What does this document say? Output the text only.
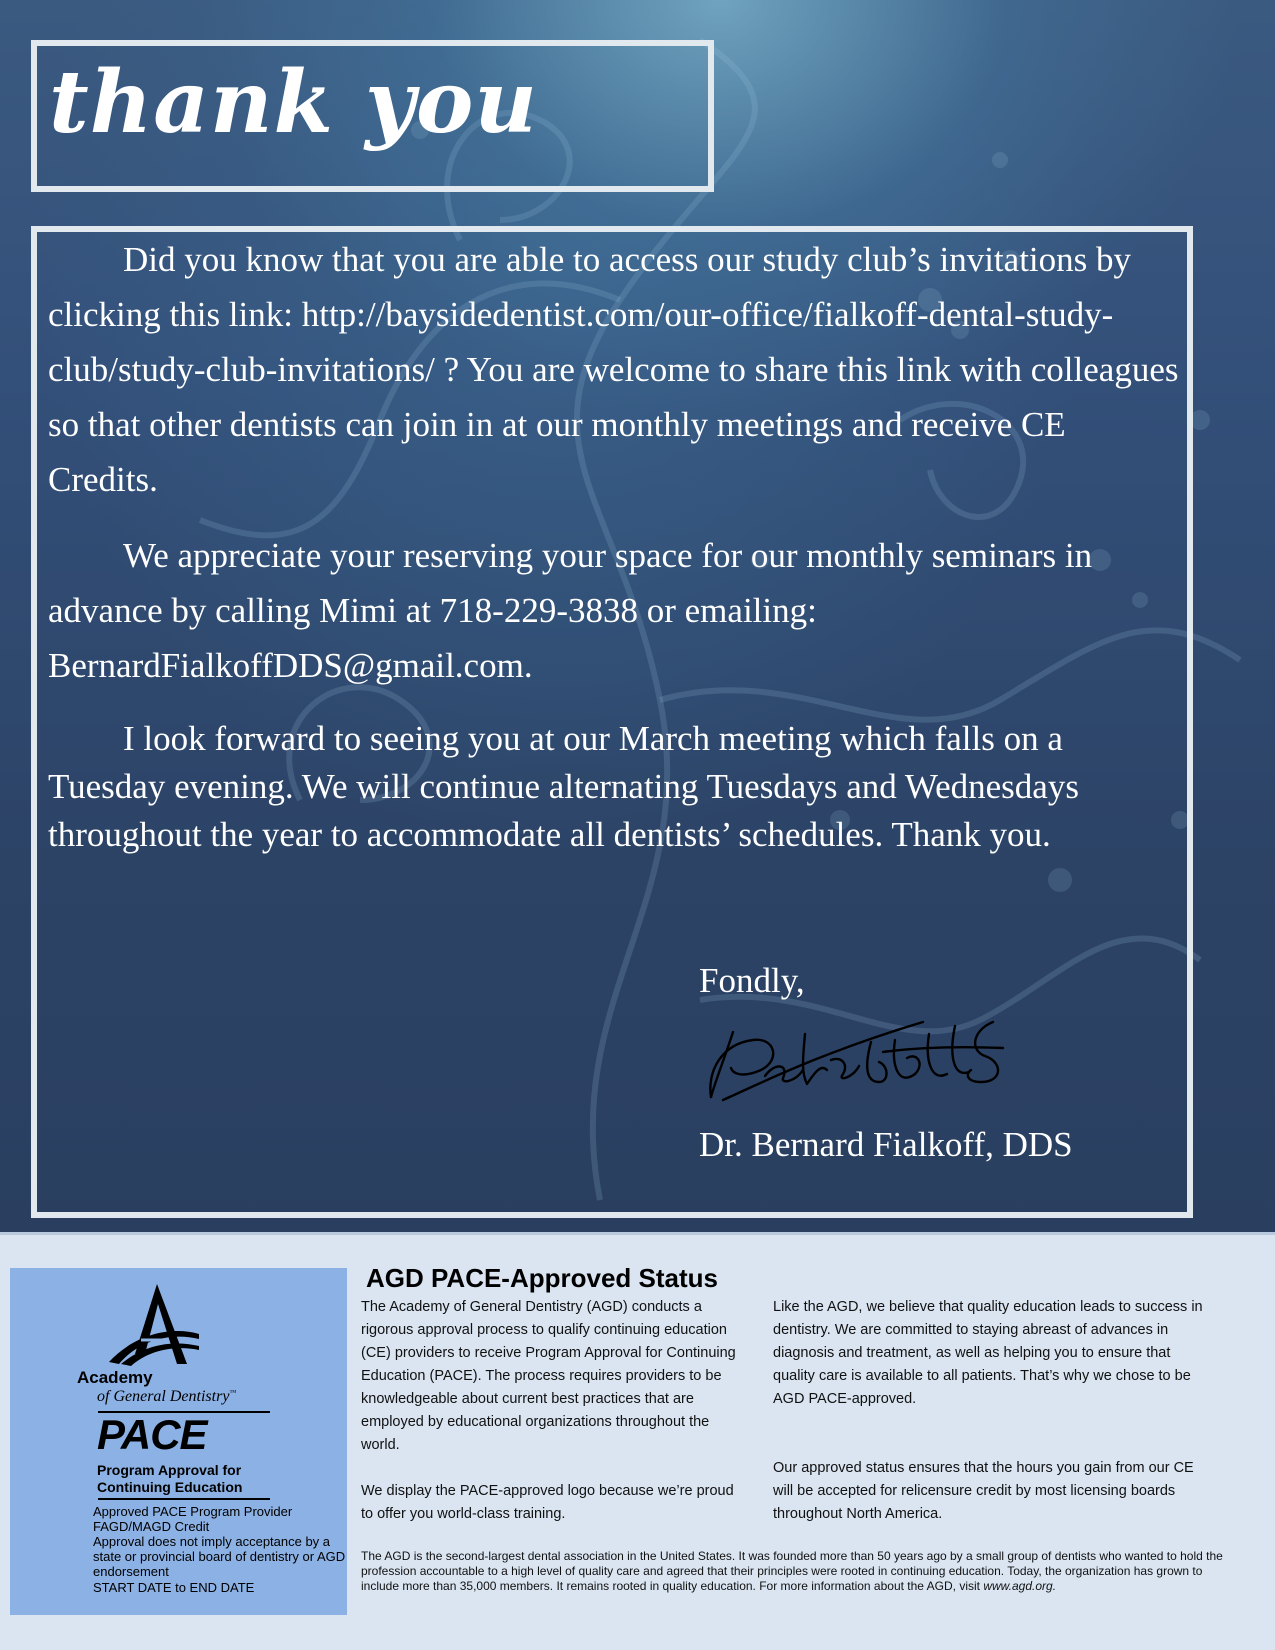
thank you

Did you know that you are able to access our study club’s invitations by clicking this link: http://baysidedentist.com/our-office/fialkoff-dental-study-club/study-club-invitations/ ? You are welcome to share this link with colleagues so that other dentists can join in at our monthly meetings and receive CE Credits.

We appreciate your reserving your space for our monthly seminars in advance by calling Mimi at 718-229-3838 or emailing: BernardFialkoffDDS@gmail.com.

I look forward to seeing you at our March meeting which falls on a Tuesday evening. We will continue alternating Tuesdays and Wednesdays throughout the year to accommodate all dentists’ schedules. Thank you.

Fondly,
Dr. Bernard Fialkoff, DDS
Academy
of General Dentistry™
PACE
Program Approval for
Continuing Education

Approved PACE Program Provider

FAGD/MAGD Credit

Approval does not imply acceptance by a state or provincial board of dentistry or AGD endorsement

START DATE to END DATE

AGD PACE-Approved Status

The Academy of General Dentistry (AGD) conducts a rigorous approval process to qualify continuing education (CE) providers to receive Program Approval for Continuing Education (PACE). The process requires providers to be knowledgeable about current best practices that are employed by educational organizations throughout the world.

We display the PACE-approved logo because we’re proud to offer you world-class training.

Like the AGD, we believe that quality education leads to success in dentistry. We are committed to staying abreast of advances in diagnosis and treatment, as well as helping you to ensure that quality care is available to all patients. That’s why we chose to be AGD PACE-approved.

Our approved status ensures that the hours you gain from our CE will be accepted for relicensure credit by most licensing boards throughout North America.

The AGD is the second-largest dental association in the United States. It was founded more than 50 years ago by a small group of dentists who wanted to hold the profession accountable to a high level of quality care and agreed that their principles were rooted in continuing education. Today, the organization has grown to include more than 35,000 members. It remains rooted in quality education. For more information about the AGD, visit www.agd.org.
